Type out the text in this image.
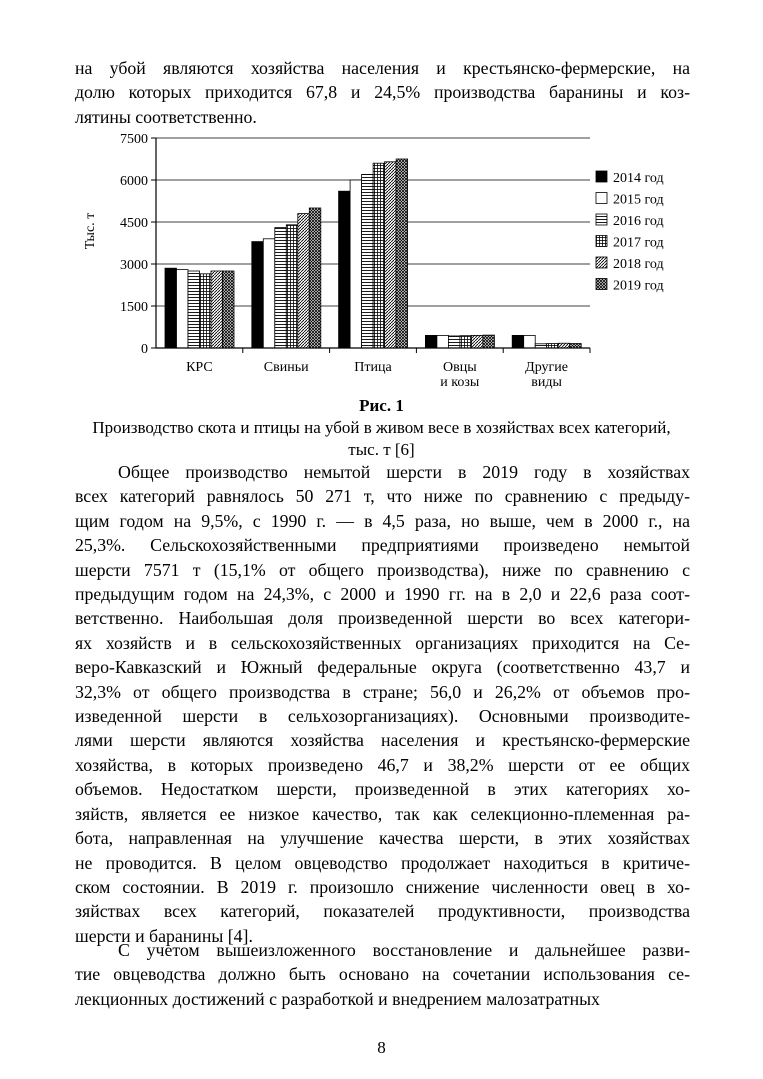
на убой являются хозяйства населения и крестьянско-фермерские, на
долю которых приходится 67,8 и 24,5% производства баранины и коз-
лятины соответственно.
0
1500
3000
4500
6000
7500
Тыс. т
КРС	Свиньи	Птица	Овцы
и козы
Другие
виды
2014 год
2015 год
2016 год
2017 год
2018 год
2019 год
Рис. 1
Производство скота и птицы на убой в живом весе в хозяйствах всех категорий,
тыс. т [6]
Общее производство немытой шерсти в 2019 году в хозяйствах
всех категорий равнялось 50 271 т, что ниже по сравнению с предыду-
щим годом на 9,5%, с 1990 г. — в 4,5 раза, но выше, чем в 2000 г., на
25,3%. Сельскохозяйственными предприятиями произведено немытой
шерсти 7571 т (15,1% от общего производства), ниже по сравнению с
предыдущим годом на 24,3%, с 2000 и 1990 гг. на в 2,0 и 22,6 раза соот-
ветственно. Наибольшая доля произведенной шерсти во всех категори-
ях хозяйств и в сельскохозяйственных организациях приходится на Се-
веро-Кавказский и Южный федеральные округа (соответственно 43,7 и
32,3% от общего производства в стране; 56,0 и 26,2% от объемов про-
изведенной шерсти в сельхозорганизациях). Основными производите-
лями шерсти являются хозяйства населения и крестьянско-фермерские
хозяйства, в которых произведено 46,7 и 38,2% шерсти от ее общих
объемов. Недостатком шерсти, произведенной в этих категориях хо-
зяйств, является ее низкое качество, так как селекционно-племенная ра-
бота, направленная на улучшение качества шерсти, в этих хозяйствах
не проводится. В целом овцеводство продолжает находиться в критиче-
ском состоянии. В 2019 г. произошло снижение численности овец в хо-
зяйствах всех категорий, показателей продуктивности, производства
шерсти и баранины [4].
С учетом вышеизложенного восстановление и дальнейшее разви-
тие овцеводства должно быть основано на сочетании использования се-
лекционных достижений с разработкой и внедрением малозатратных
8
